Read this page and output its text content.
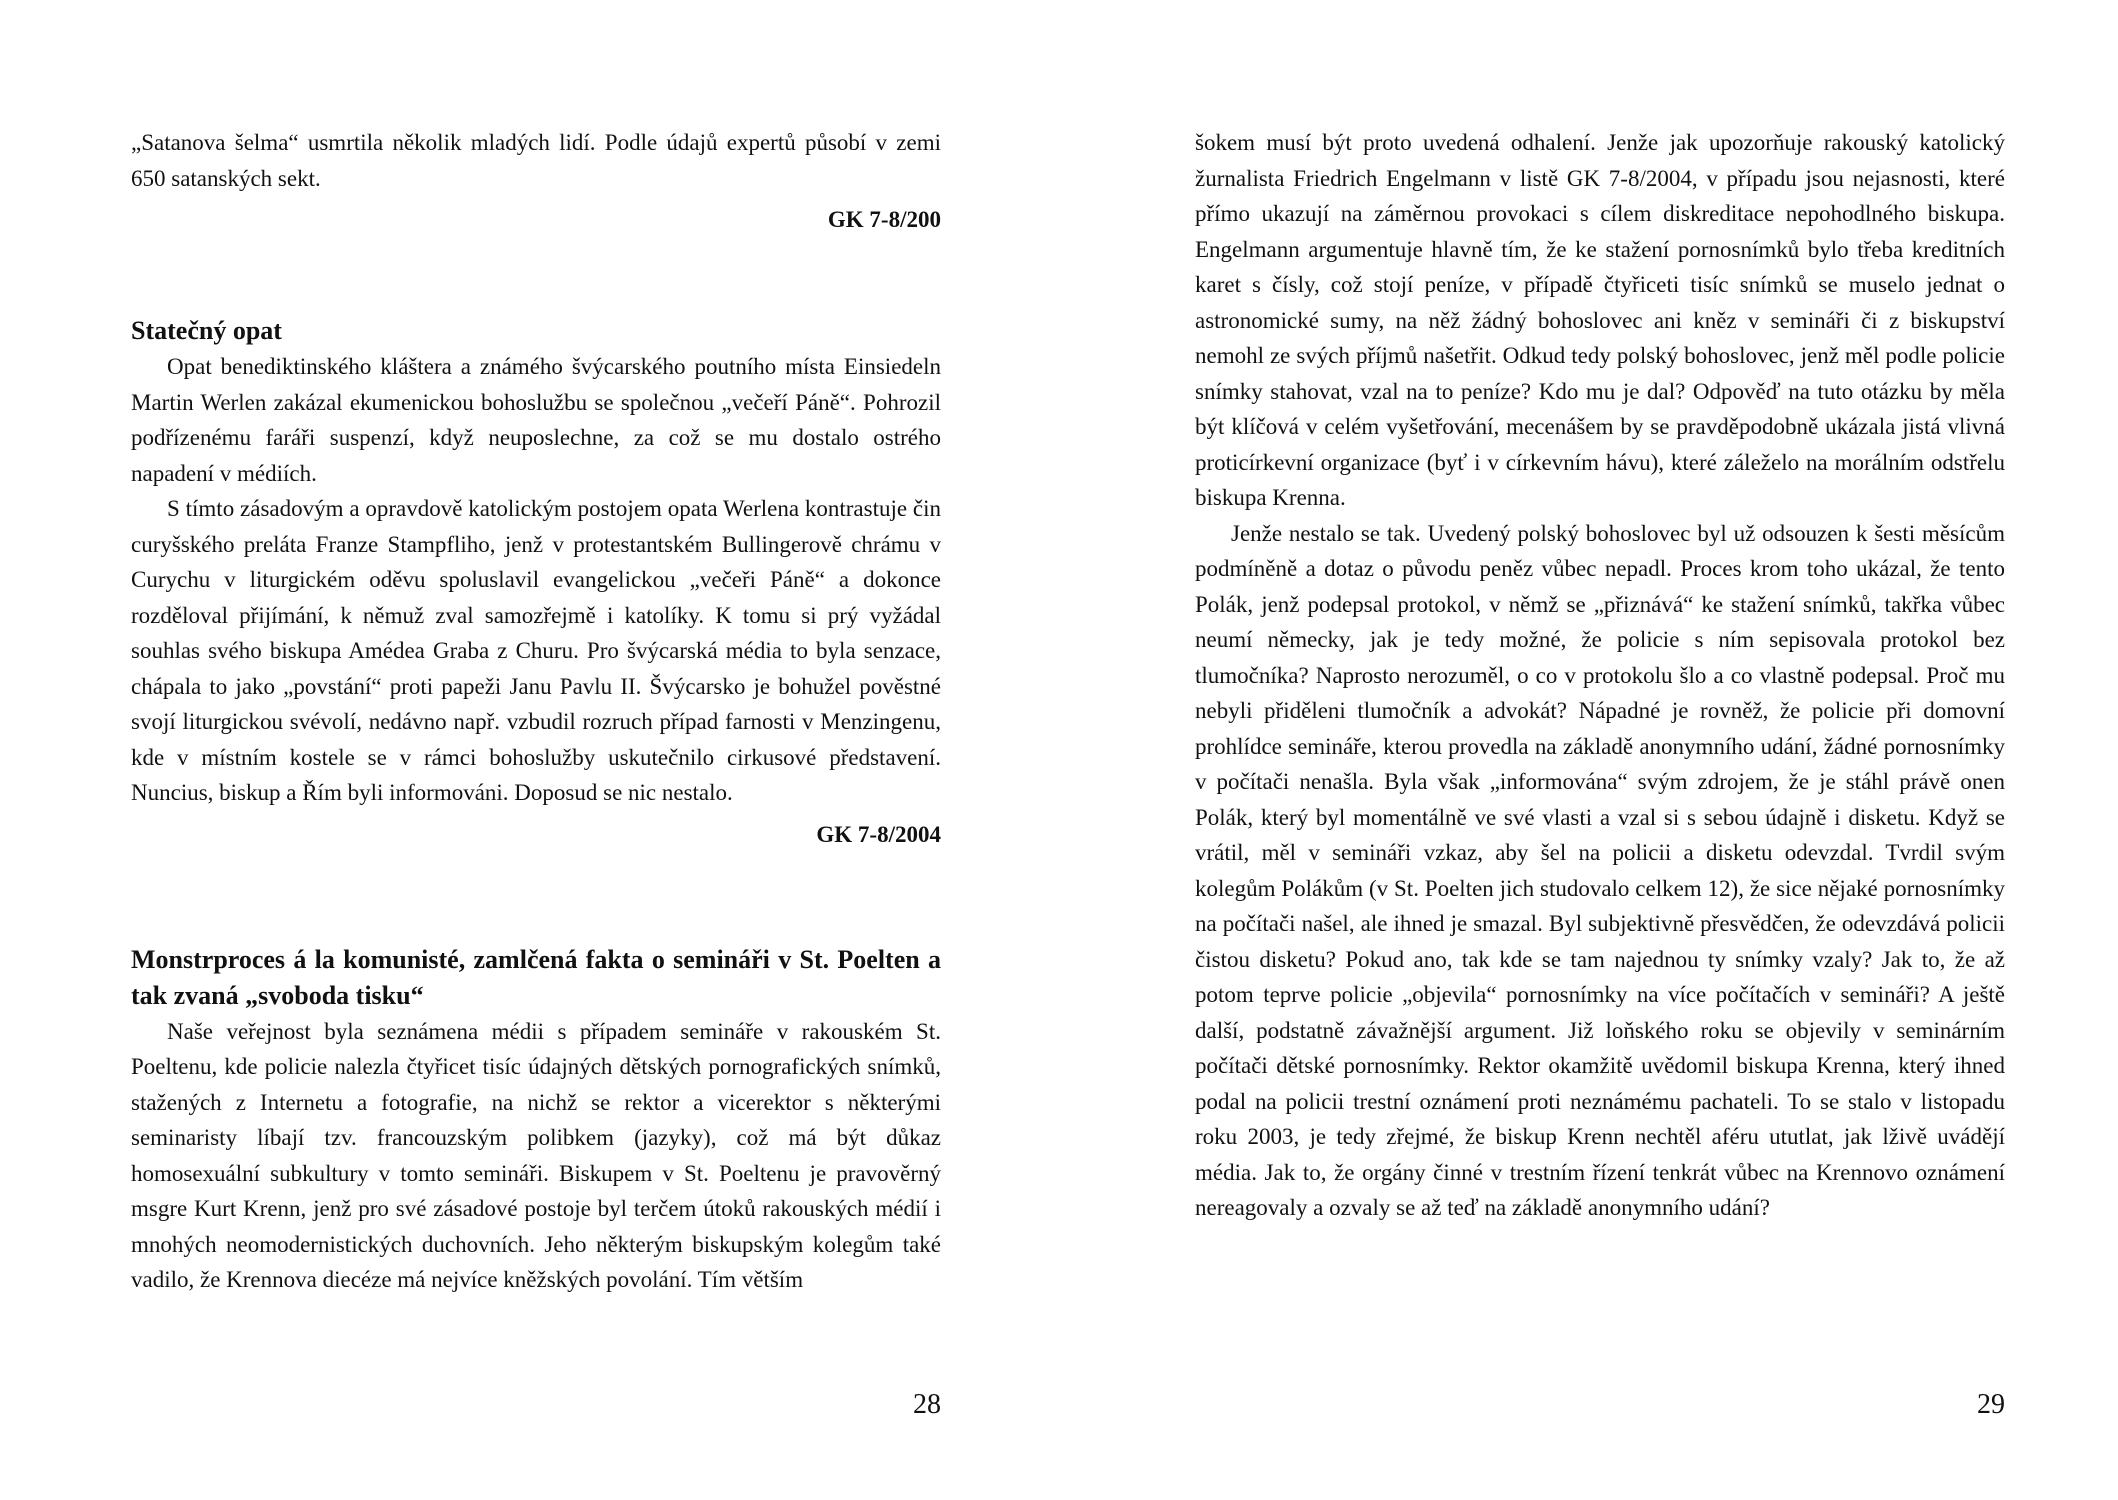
„Satanova šelma“ usmrtila několik mladých lidí. Podle údajů expertů působí v zemi 650 satanských sekt.

GK 7-8/200
Statečný opat

Opat benediktinského kláštera a známého švýcarského poutního místa Einsiedeln Martin Werlen zakázal ekumenickou bohoslužbu se společnou „večeří Páně“. Pohrozil podřízenému faráři suspenzí, když neuposlechne, za což se mu dostalo ostrého napadení v médiích.

S tímto zásadovým a opravdově katolickým postojem opata Werlena kontrastuje čin curyšského preláta Franze Stampfliho, jenž v protestantském Bullingerově chrámu v Curychu v liturgickém oděvu spoluslavil evangelickou „večeři Páně“ a dokonce rozděloval přijímání, k němuž zval samozřejmě i katolíky. K tomu si prý vyžádal souhlas svého biskupa Amédea Graba z Churu. Pro švýcarská média to byla senzace, chápala to jako „povstání“ proti papeži Janu Pavlu II. Švýcarsko je bohužel pověstné svojí liturgickou svévolí, nedávno např. vzbudil rozruch případ farnosti v Menzingenu, kde v místním kostele se v rámci bohoslužby uskutečnilo cirkusové představení. Nuncius, biskup a Řím byli informováni. Doposud se nic nestalo.

GK 7-8/2004
Monstrproces á la komunisté, zamlčená fakta o semináři v St. Poelten a tak zvaná „svoboda tisku“

Naše veřejnost byla seznámena médii s případem semináře v rakouském St. Poeltenu, kde policie nalezla čtyřicet tisíc údajných dětských pornografických snímků, stažených z Internetu a fotografie, na nichž se rektor a vicerektor s některými seminaristy líbají tzv. francouzským polibkem (jazyky), což má být důkaz homosexuální subkultury v tomto semináři. Biskupem v St. Poeltenu je pravověrný msgre Kurt Krenn, jenž pro své zásadové postoje byl terčem útoků rakouských médií i mnohých neomodernistických duchovních. Jeho některým biskupským kolegům také vadilo, že Krennova diecéze má nejvíce kněžských povolání. Tím větším

28

šokem musí být proto uvedená odhalení. Jenže jak upozorňuje rakouský katolický žurnalista Friedrich Engelmann v listě GK 7-8/2004, v případu jsou nejasnosti, které přímo ukazují na záměrnou provokaci s cílem diskreditace nepohodlného biskupa. Engelmann argumentuje hlavně tím, že ke stažení pornosnímků bylo třeba kreditních karet s čísly, což stojí peníze, v případě čtyřiceti tisíc snímků se muselo jednat o astronomické sumy, na něž žádný bohoslovec ani kněz v semináři či z biskupství nemohl ze svých příjmů našetřit. Odkud tedy polský bohoslovec, jenž měl podle policie snímky stahovat, vzal na to peníze? Kdo mu je dal? Odpověď na tuto otázku by měla být klíčová v celém vyšetřování, mecenášem by se pravděpodobně ukázala jistá vlivná proticírkevní organizace (byť i v církevním hávu), které záleželo na morálním odstřelu biskupa Krenna.

Jenže nestalo se tak. Uvedený polský bohoslovec byl už odsouzen k šesti měsícům podmíněně a dotaz o původu peněz vůbec nepadl. Proces krom toho ukázal, že tento Polák, jenž podepsal protokol, v němž se „přiznává“ ke stažení snímků, takřka vůbec neumí německy, jak je tedy možné, že policie s ním sepisovala protokol bez tlumočníka? Naprosto nerozuměl, o co v protokolu šlo a co vlastně podepsal. Proč mu nebyli přiděleni tlumočník a advokát? Nápadné je rovněž, že policie při domovní prohlídce semináře, kterou provedla na základě anonymního udání, žádné pornosnímky v počítači nenašla. Byla však „informována“ svým zdrojem, že je stáhl právě onen Polák, který byl momentálně ve své vlasti a vzal si s sebou údajně i disketu. Když se vrátil, měl v semináři vzkaz, aby šel na policii a disketu odevzdal. Tvrdil svým kolegům Polákům (v St. Poelten jich studovalo celkem 12), že sice nějaké pornosnímky na počítači našel, ale ihned je smazal. Byl subjektivně přesvědčen, že odevzdává policii čistou disketu? Pokud ano, tak kde se tam najednou ty snímky vzaly? Jak to, že až potom teprve policie „objevila“ pornosnímky na více počítačích v semináři? A ještě další, podstatně závažnější argument. Již loňského roku se objevily v seminárním počítači dětské pornosnímky. Rektor okamžitě uvědomil biskupa Krenna, který ihned podal na policii trestní oznámení proti neznámému pachateli. To se stalo v listopadu roku 2003, je tedy zřejmé, že biskup Krenn nechtěl aféru ututlat, jak lživě uvádějí média. Jak to, že orgány činné v trestním řízení tenkrát vůbec na Krennovo oznámení nereagovaly a ozvaly se až teď na základě anonymního udání?

29
